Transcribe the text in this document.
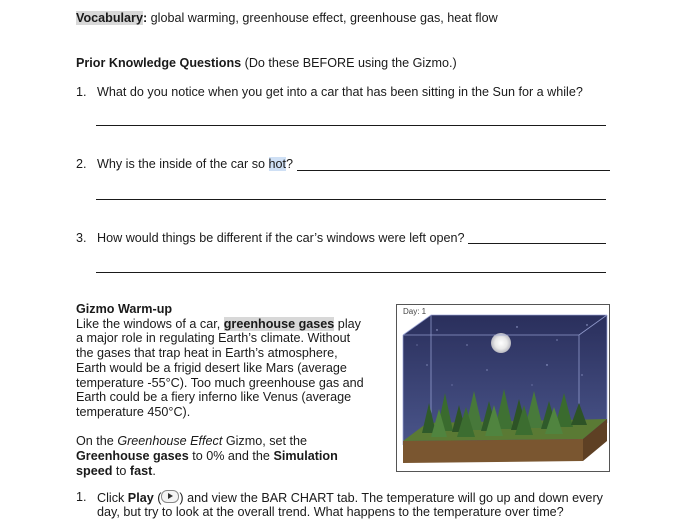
Vocabulary: global warming, greenhouse effect, greenhouse gas, heat flow
Prior Knowledge Questions (Do these BEFORE using the Gizmo.)
1. What do you notice when you get into a car that has been sitting in the Sun for a while?
2. Why is the inside of the car so hot?
3. How would things be different if the car’s windows were left open?
Gizmo Warm-up
Like the windows of a car, greenhouse gases play
a major role in regulating Earth’s climate. Without
the gases that trap heat in Earth’s atmosphere,
Earth would be a frigid desert like Mars (average
temperature -55°C). Too much greenhouse gas and
Earth could be a fiery inferno like Venus (average
temperature 450°C).
On the Greenhouse Effect Gizmo, set the
Greenhouse gases to 0% and the Simulation
speed to fast.
Day: 1
1. Click Play ( ) and view the BAR CHART tab. The temperature will go up and down every
day, but try to look at the overall trend. What happens to the temperature over time?
